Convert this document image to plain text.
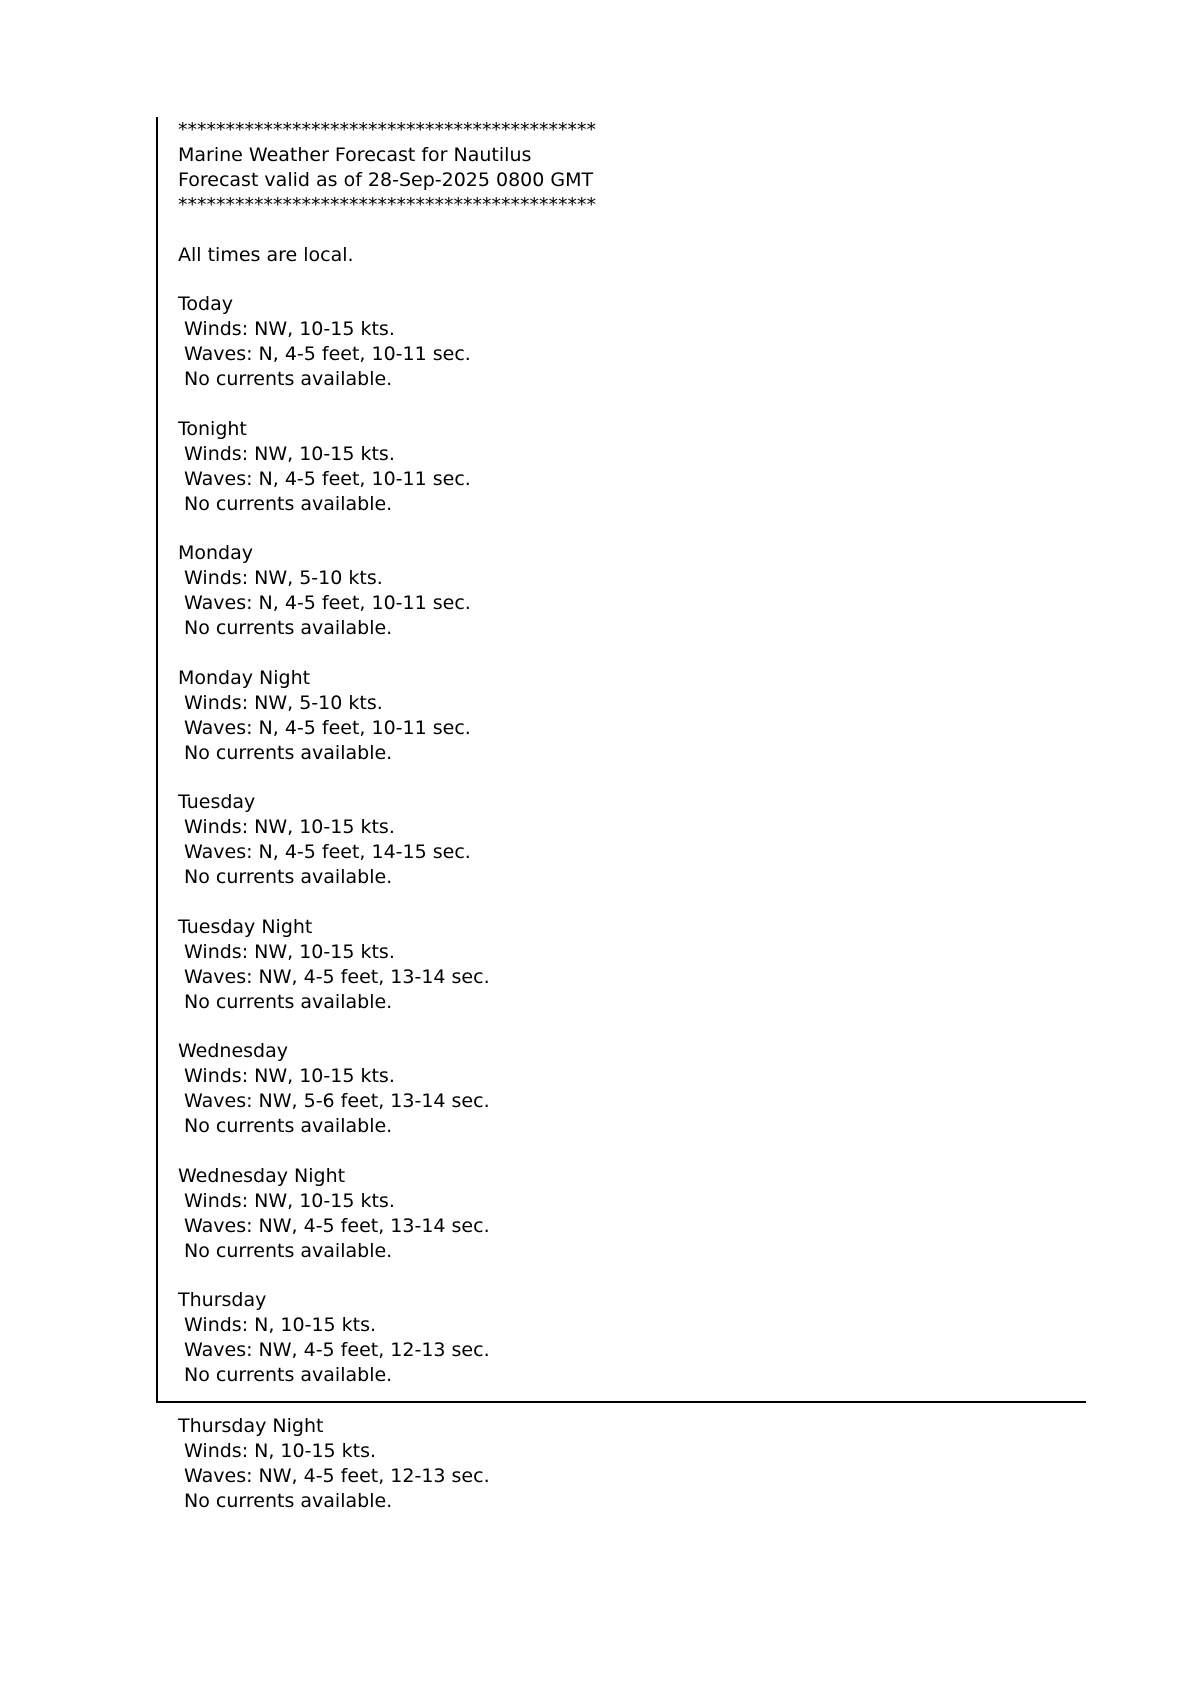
********************************************
Marine Weather Forecast for Nautilus
Forecast valid as of 28-Sep-2025 0800 GMT
********************************************
All times are local.
Today
Winds: NW, 10-15 kts.
Waves: N, 4-5 feet, 10-11 sec.
No currents available.
Tonight
Winds: NW, 10-15 kts.
Waves: N, 4-5 feet, 10-11 sec.
No currents available.
Monday
Winds: NW, 5-10 kts.
Waves: N, 4-5 feet, 10-11 sec.
No currents available.
Monday Night
Winds: NW, 5-10 kts.
Waves: N, 4-5 feet, 10-11 sec.
No currents available.
Tuesday
Winds: NW, 10-15 kts.
Waves: N, 4-5 feet, 14-15 sec.
No currents available.
Tuesday Night
Winds: NW, 10-15 kts.
Waves: NW, 4-5 feet, 13-14 sec.
No currents available.
Wednesday
Winds: NW, 10-15 kts.
Waves: NW, 5-6 feet, 13-14 sec.
No currents available.
Wednesday Night
Winds: NW, 10-15 kts.
Waves: NW, 4-5 feet, 13-14 sec.
No currents available.
Thursday
Winds: N, 10-15 kts.
Waves: NW, 4-5 feet, 12-13 sec.
No currents available.
Thursday Night
Winds: N, 10-15 kts.
Waves: NW, 4-5 feet, 12-13 sec.
No currents available.
